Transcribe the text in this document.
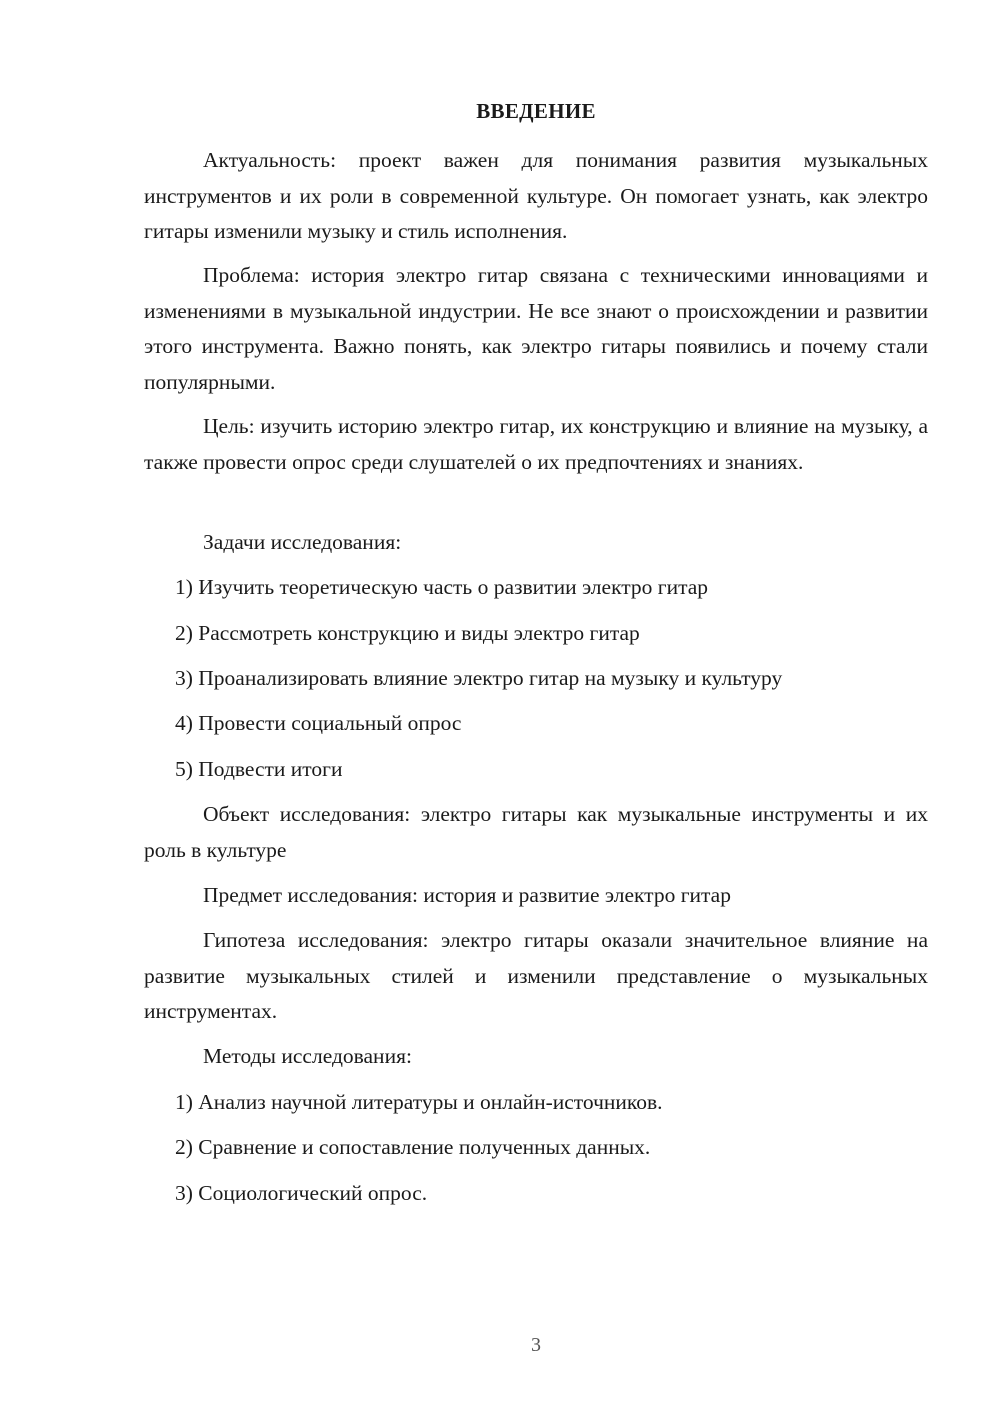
ВВЕДЕНИЕ

Актуальность: проект важен для понимания развития музыкальных инструментов и их роли в современной культуре. Он помогает узнать, как электро гитары изменили музыку и стиль исполнения.

Проблема: история электро гитар связана с техническими инновациями и изменениями в музыкальной индустрии. Не все знают о происхождении и развитии этого инструмента. Важно понять, как электро гитары появились и почему стали популярными.

Цель: изучить историю электро гитар, их конструкцию и влияние на музыку, а также провести опрос среди слушателей о их предпочтениях и знаниях.

Задачи исследования:

1) Изучить теоретическую часть о развитии электро гитар

2) Рассмотреть конструкцию и виды электро гитар

3) Проанализировать влияние электро гитар на музыку и культуру

4) Провести социальный опрос

5) Подвести итоги

Объект исследования: электро гитары как музыкальные инструменты и их роль в культуре

Предмет исследования: история и развитие электро гитар

Гипотеза исследования: электро гитары оказали значительное влияние на развитие музыкальных стилей и изменили представление о музыкальных инструментах.

Методы исследования:

1) Анализ научной литературы и онлайн-источников.

2) Сравнение и сопоставление полученных данных.

3) Социологический опрос.

3
